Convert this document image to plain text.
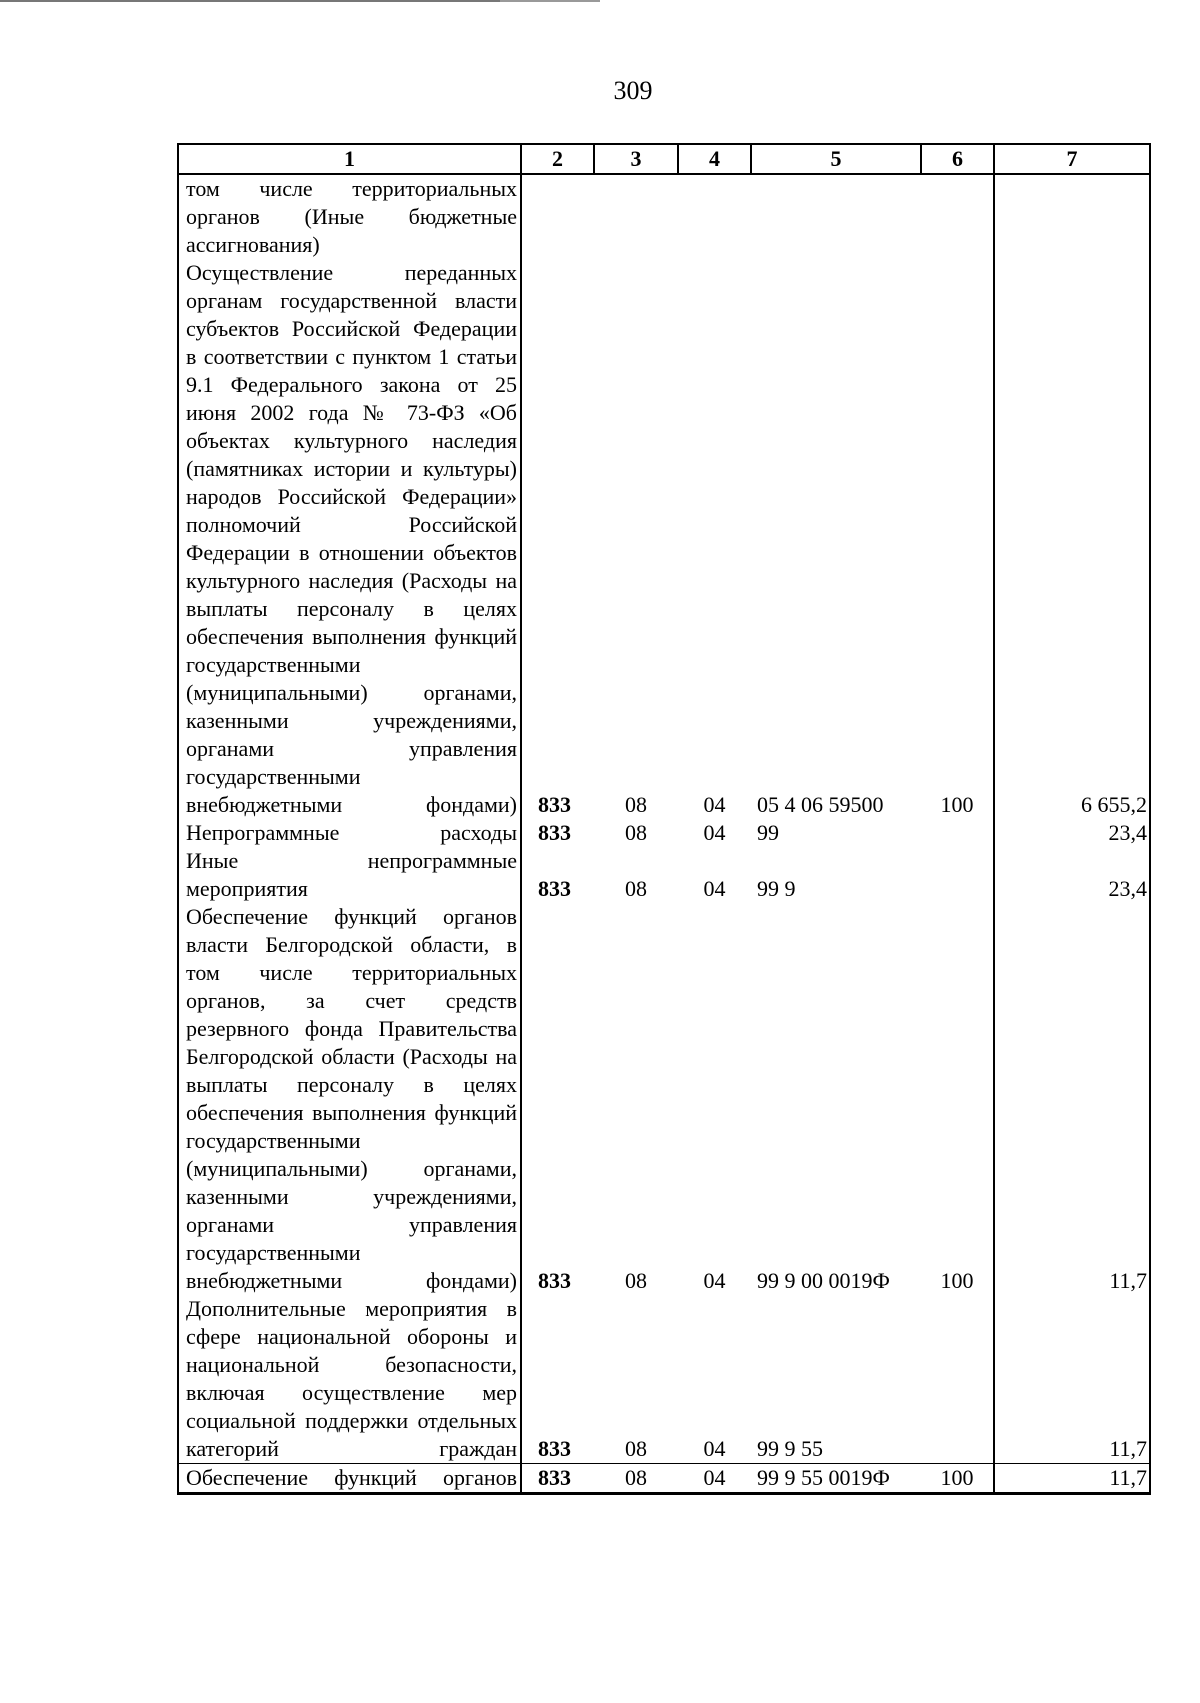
309
1	2	3	4	5	6	7
том числе территориальных органов (Иные бюджетные ассигнования)						
Осуществление переданных органам государственной власти субъектов Российской Федерации в соответствии с пунктом 1 статьи 9.1 Федерального закона от 25 июня 2002 года № 73-ФЗ «Об объектах культурного наследия (памятниках истории и культуры) народов Российской Федерации» полномочий Российской Федерации в отношении объектов культурного наследия (Расходы на выплаты персоналу в целях обеспечения выполнения функций государственными (муниципальными) органами, казенными учреждениями, органами управления государственными внебюджетными фондами)	833	08	04	05 4 06 59500	100	6 655,2
Непрограммные расходы	833	08	04	99		23,4
Иные непрограммные мероприятия	833	08	04	99 9		23,4
Обеспечение функций органов власти Белгородской области, в том числе территориальных органов, за счет средств резервного фонда Правительства Белгородской области (Расходы на выплаты персоналу в целях обеспечения выполнения функций государственными (муниципальными) органами, казенными учреждениями, органами управления государственными внебюджетными фондами)	833	08	04	99 9 00 0019Ф	100	11,7
Дополнительные мероприятия в сфере национальной обороны и национальной безопасности, включая осуществление мер социальной поддержки отдельных категорий граждан	833	08	04	99 9 55		11,7
Обеспечение функций органов	833	08	04	99 9 55 0019Ф	100	11,7
